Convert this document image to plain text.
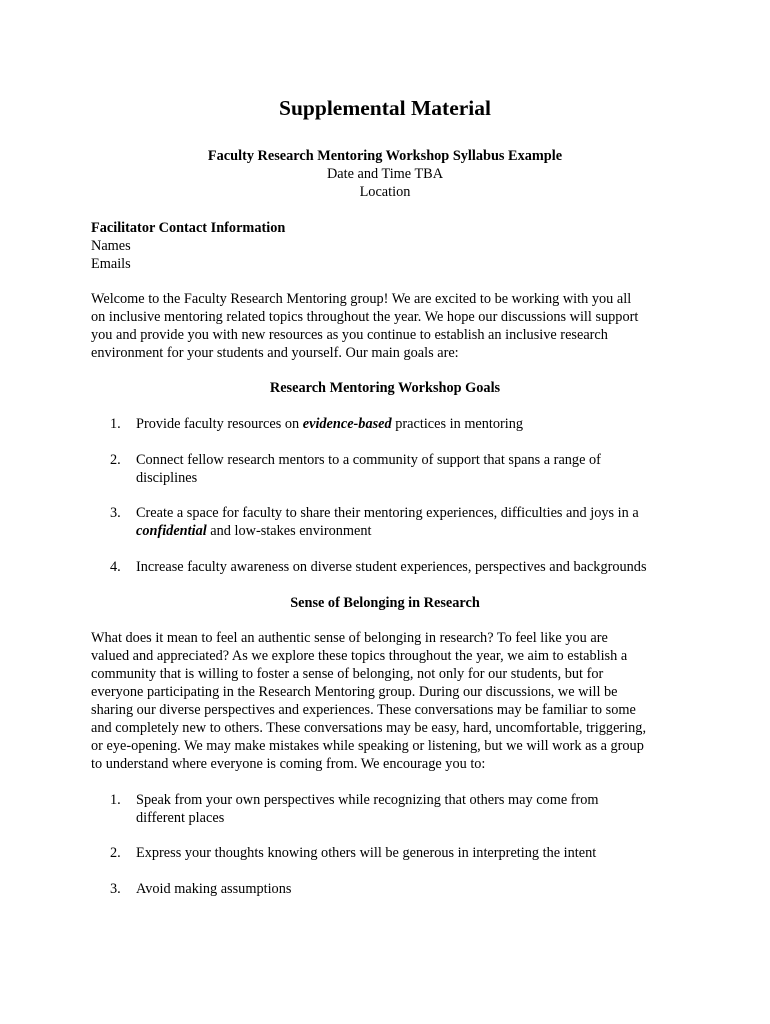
Supplemental Material
Faculty Research Mentoring Workshop Syllabus Example
Date and Time TBA
Location
Facilitator Contact Information
Names
Emails
Welcome to the Faculty Research Mentoring group! We are excited to be working with you all
on inclusive mentoring related topics throughout the year. We hope our discussions will support
you and provide you with new resources as you continue to establish an inclusive research
environment for your students and yourself. Our main goals are:
Research Mentoring Workshop Goals
1.	Provide faculty resources on evidence-based practices in mentoring
2.	Connect fellow research mentors to a community of support that spans a range of
disciplines
3.	Create a space for faculty to share their mentoring experiences, difficulties and joys in a
confidential and low-stakes environment
4.	Increase faculty awareness on diverse student experiences, perspectives and backgrounds
Sense of Belonging in Research
What does it mean to feel an authentic sense of belonging in research? To feel like you are
valued and appreciated? As we explore these topics throughout the year, we aim to establish a
community that is willing to foster a sense of belonging, not only for our students, but for
everyone participating in the Research Mentoring group. During our discussions, we will be
sharing our diverse perspectives and experiences. These conversations may be familiar to some
and completely new to others. These conversations may be easy, hard, uncomfortable, triggering,
or eye-opening. We may make mistakes while speaking or listening, but we will work as a group
to understand where everyone is coming from. We encourage you to:
1.	Speak from your own perspectives while recognizing that others may come from
different places
2.	Express your thoughts knowing others will be generous in interpreting the intent
3.	Avoid making assumptions
